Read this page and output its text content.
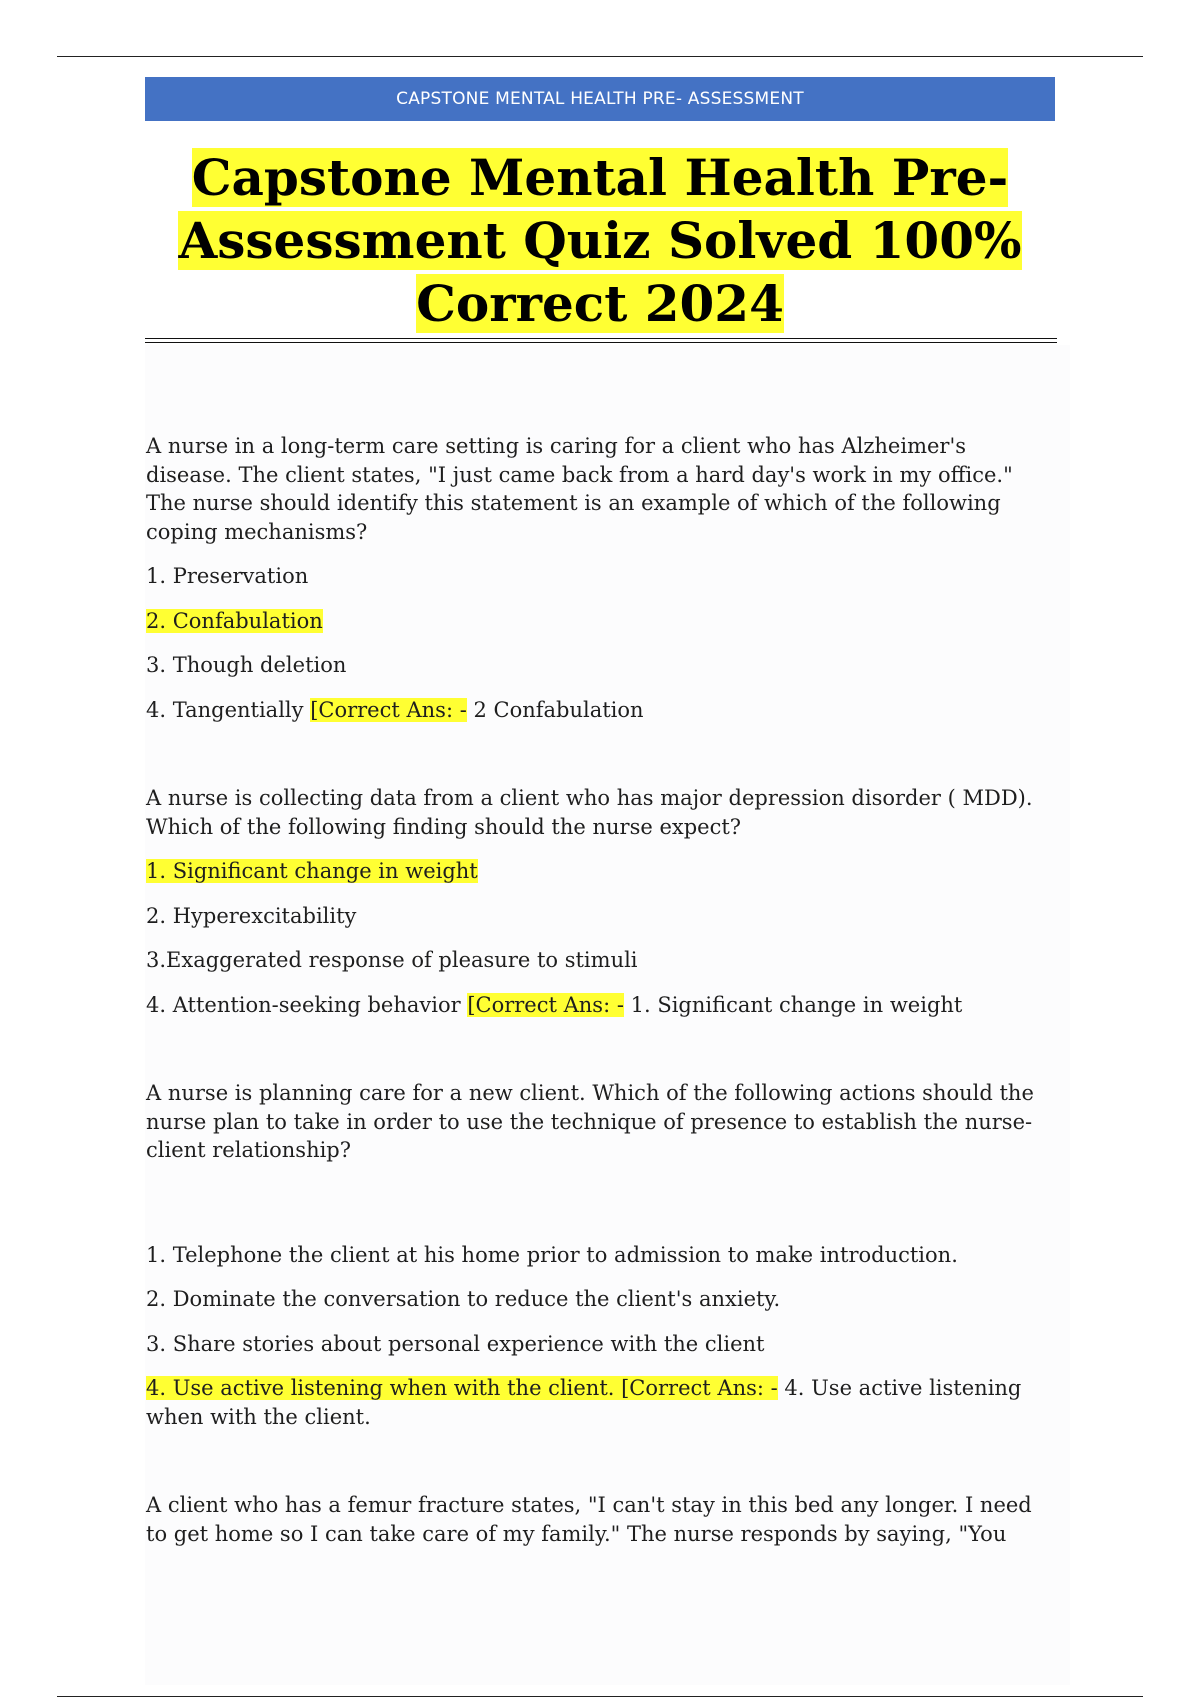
CAPSTONE MENTAL HEALTH PRE- ASSESSMENT
Capstone Mental Health Pre-
Assessment Quiz Solved 100%
Correct 2024
A nurse in a long-term care setting is caring for a client who has Alzheimer's disease. The client states, "I just came back from a hard day's work in my office." The nurse should identify this statement is an example of which of the following coping mechanisms?
1. Preservation
2. Confabulation
3. Though deletion
4. Tangentially [Correct Ans: - 2 Confabulation
A nurse is collecting data from a client who has major depression disorder ( MDD). Which of the following finding should the nurse expect?
1. Significant change in weight
2. Hyperexcitability
3.Exaggerated response of pleasure to stimuli
4. Attention-seeking behavior [Correct Ans: - 1. Significant change in weight
A nurse is planning care for a new client. Which of the following actions should the nurse plan to take in order to use the technique of presence to establish the nurse-client relationship?
1. Telephone the client at his home prior to admission to make introduction.
2. Dominate the conversation to reduce the client's anxiety.
3. Share stories about personal experience with the client
4. Use active listening when with the client. [Correct Ans: - 4. Use active listening when with the client.
A client who has a femur fracture states, "I can't stay in this bed any longer. I need to get home so I can take care of my family." The nurse responds by saying, "You
